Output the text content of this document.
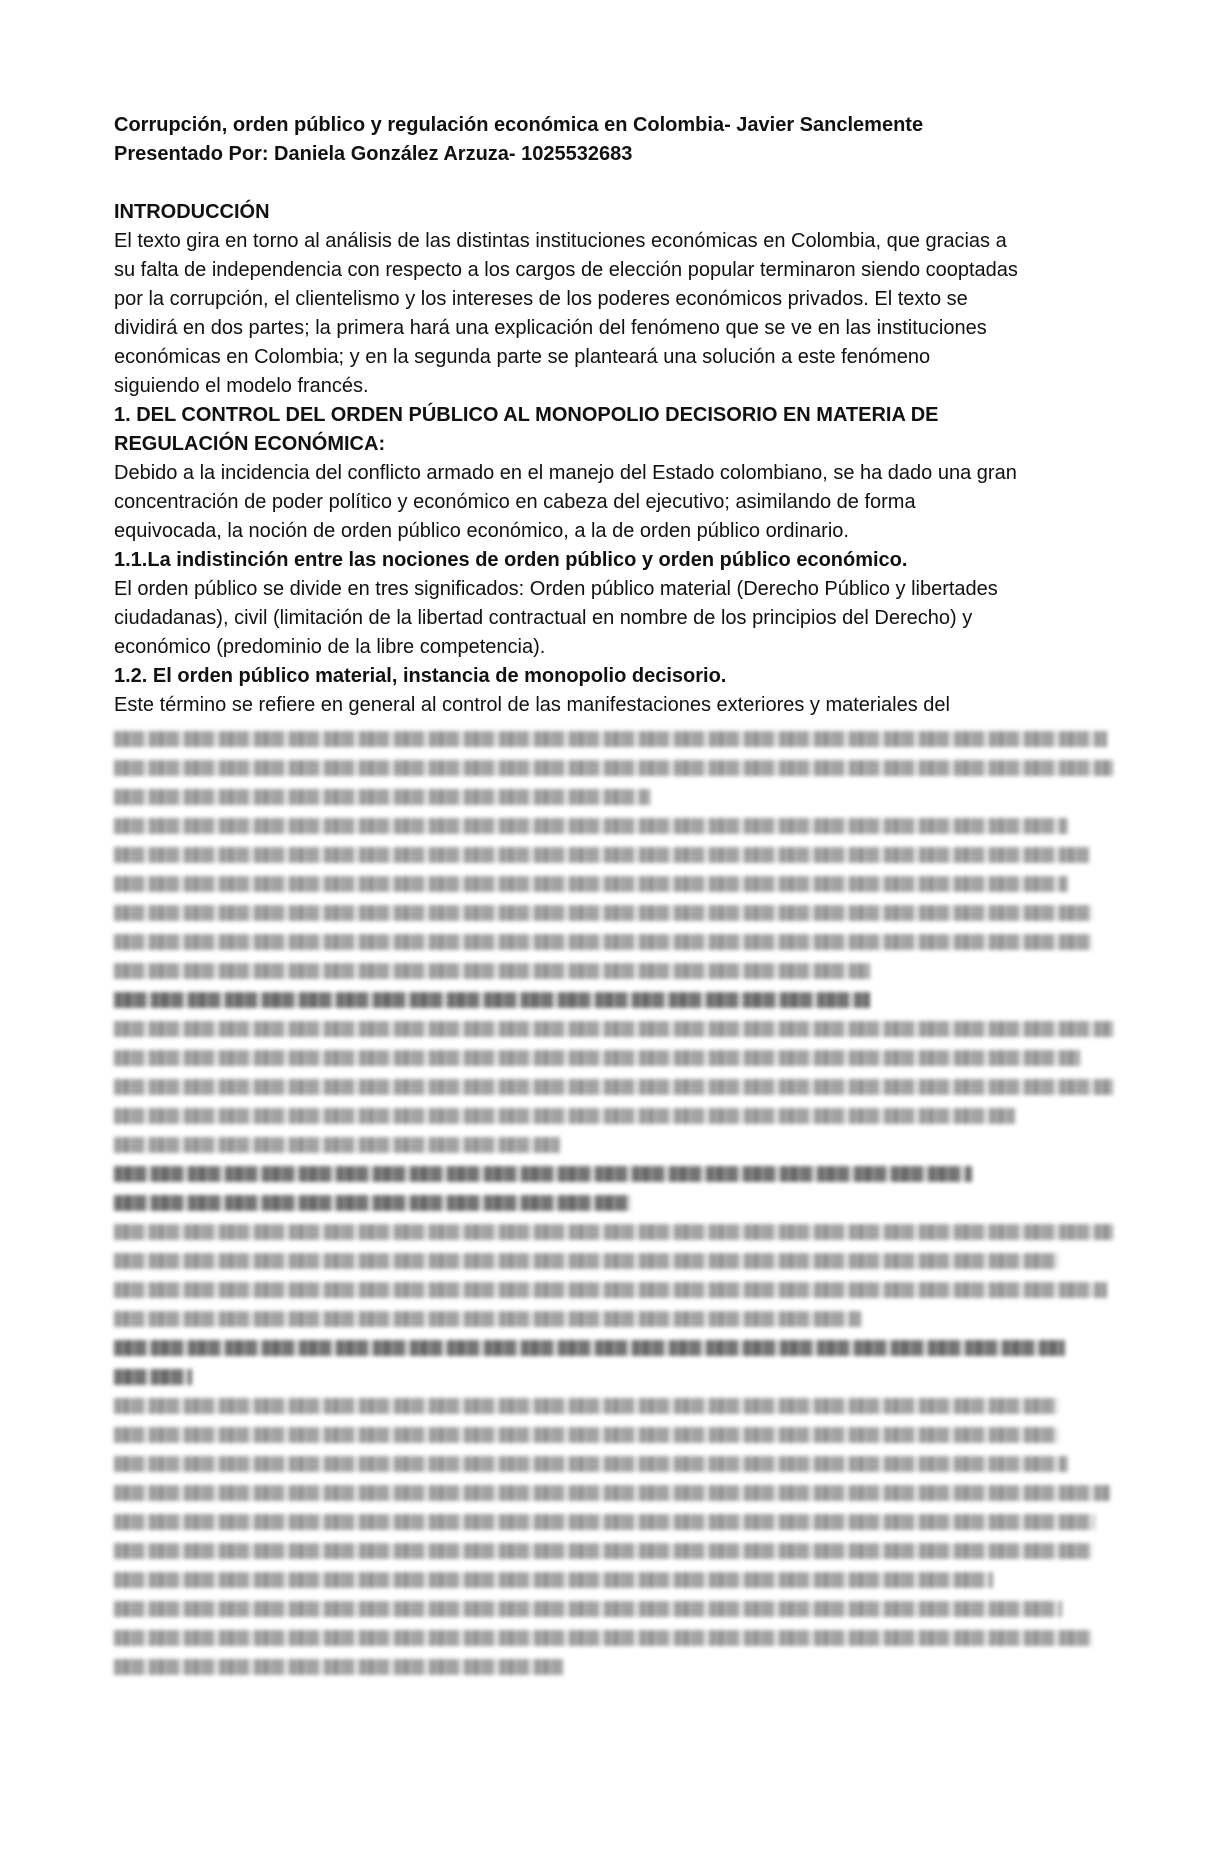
Corrupción, orden público y regulación económica en Colombia- Javier Sanclemente
Presentado Por: Daniela González Arzuza- 1025532683
INTRODUCCIÓN
El texto gira en torno al análisis de las distintas instituciones económicas en Colombia, que gracias a
su falta de independencia con respecto a los cargos de elección popular terminaron siendo cooptadas
por la corrupción, el clientelismo y los intereses de los poderes económicos privados. El texto se
dividirá en dos partes; la primera hará una explicación del fenómeno que se ve en las instituciones
económicas en Colombia; y en la segunda parte se planteará una solución a este fenómeno
siguiendo el modelo francés.
1. DEL CONTROL DEL ORDEN PÚBLICO AL MONOPOLIO DECISORIO EN MATERIA DE
REGULACIÓN ECONÓMICA:
Debido a la incidencia del conflicto armado en el manejo del Estado colombiano, se ha dado una gran
concentración de poder político y económico en cabeza del ejecutivo; asimilando de forma
equivocada, la noción de orden público económico, a la de orden público ordinario.
1.1.La indistinción entre las nociones de orden público y orden público económico.
El orden público se divide en tres significados: Orden público material (Derecho Público y libertades
ciudadanas), civil (limitación de la libertad contractual en nombre de los principios del Derecho) y
económico (predominio de la libre competencia).
1.2. El orden público material, instancia de monopolio decisorio.
Este término se refiere en general al control de las manifestaciones exteriores y materiales del
